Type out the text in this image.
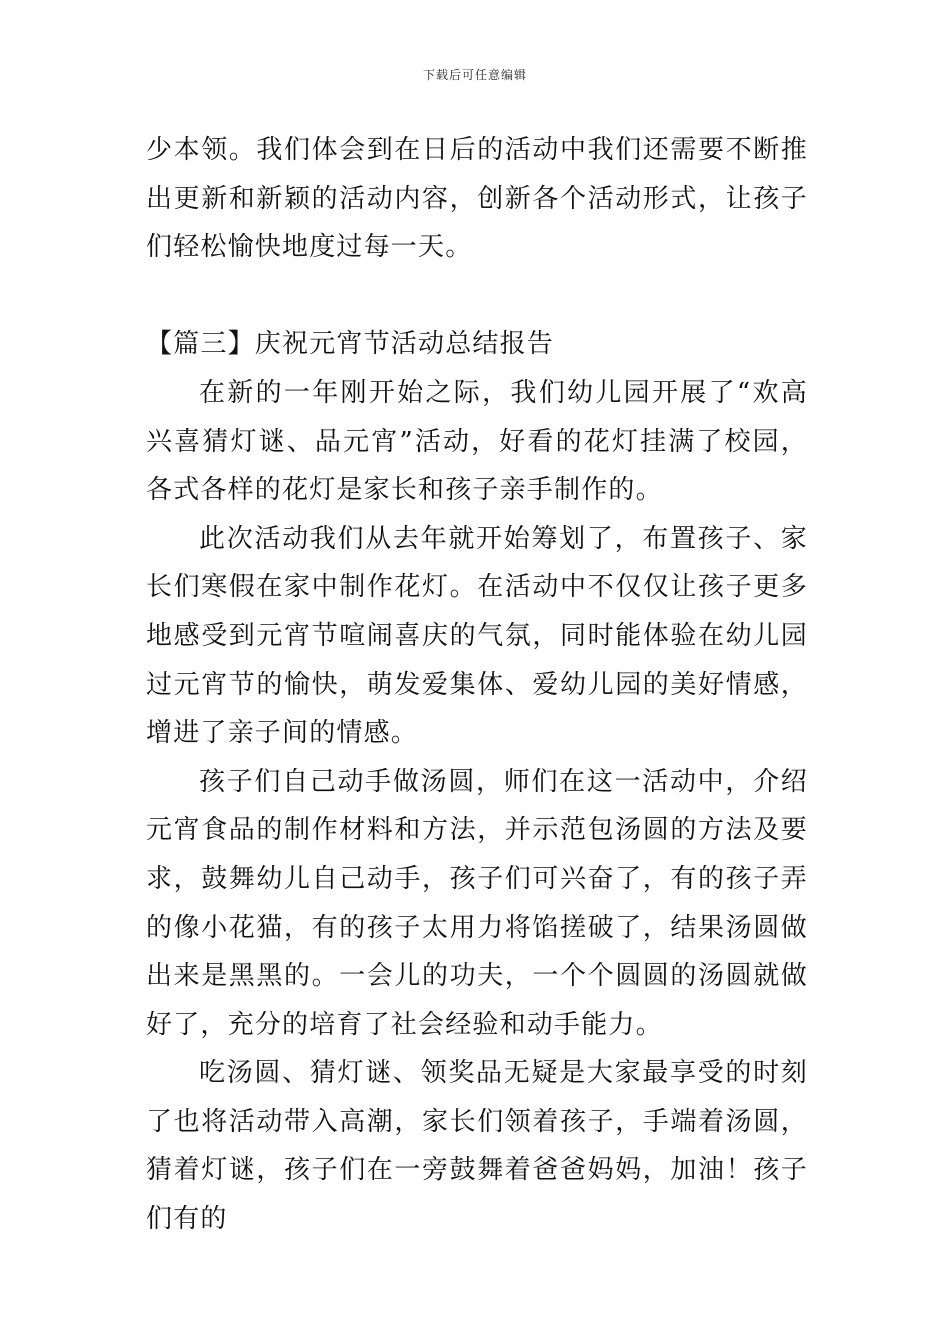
下载后可任意编辑

少本领。我们体会到在日后的活动中我们还需要不断推出更新和新颖的活动内容，创新各个活动形式，让孩子们轻松愉快地度过每一天。

【篇三】庆祝元宵节活动总结报告

在新的一年刚开始之际，我们幼儿园开展了“欢高兴喜猜灯谜、品元宵”活动，好看的花灯挂满了校园，各式各样的花灯是家长和孩子亲手制作的。

此次活动我们从去年就开始筹划了，布置孩子、家长们寒假在家中制作花灯。在活动中不仅仅让孩子更多地感受到元宵节喧闹喜庆的气氛，同时能体验在幼儿园过元宵节的愉快，萌发爱集体、爱幼儿园的美好情感，增进了亲子间的情感。

孩子们自己动手做汤圆，师们在这一活动中，介绍元宵食品的制作材料和方法，并示范包汤圆的方法及要求，鼓舞幼儿自己动手，孩子们可兴奋了，有的孩子弄的像小花猫，有的孩子太用力将馅搓破了，结果汤圆做出来是黑黑的。一会儿的功夫，一个个圆圆的汤圆就做好了，充分的培育了社会经验和动手能力。

吃汤圆、猜灯谜、领奖品无疑是大家最享受的时刻了也将活动带入高潮，家长们领着孩子，手端着汤圆，猜着灯谜，孩子们在一旁鼓舞着爸爸妈妈，加油！孩子们有的
